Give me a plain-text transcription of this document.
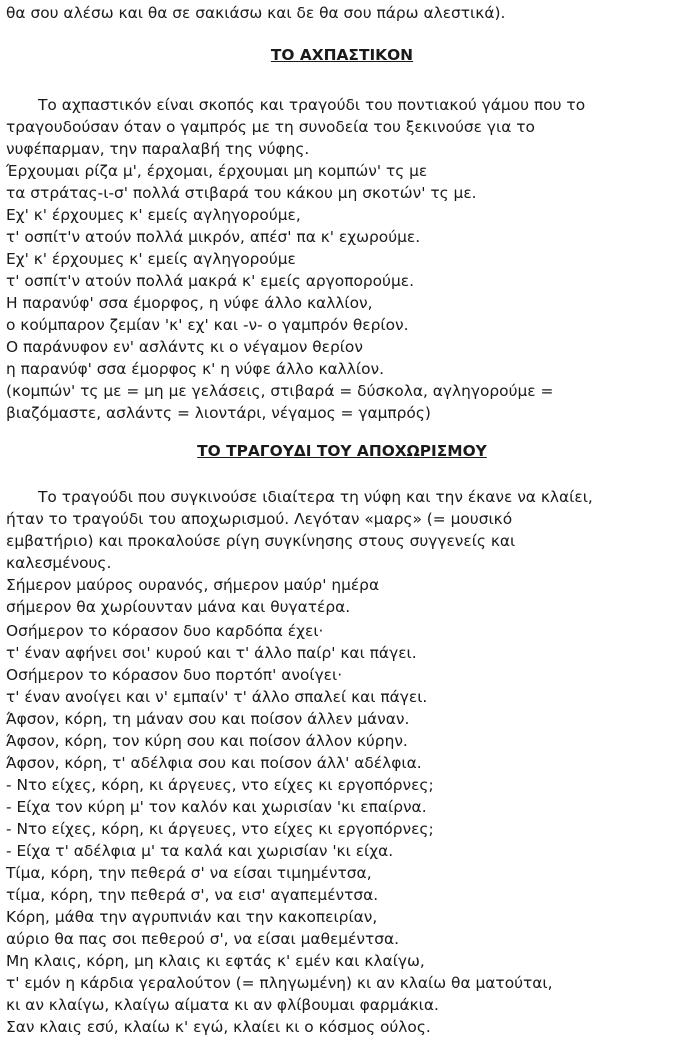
θα σου αλέσω και θα σε σακιάσω και δε θα σου πάρω αλεστικά).
ΤΟ ΑΧΠΑΣΤΙΚΟΝ
Το αχπαστικόν είναι σκοπός και τραγούδι του ποντιακού γάμου που το
τραγουδούσαν όταν ο γαμπρός με τη συνοδεία του ξεκινούσε για το
νυφέπαρμαν, την παραλαβή της νύφης.
Έρχουμαι ρίζα μ', έρχομαι, έρχουμαι μη κομπών' τς με
τα στράτας-ι-σ' πολλά στιβαρά του κάκου μη σκοτών' τς με.
Εχ' κ' έρχουμες κ' εμείς αγληγορούμε,
τ' οσπίτ'ν ατούν πολλά μικρόν, απέσ' πα κ' εχωρούμε.
Εχ' κ' έρχουμες κ' εμείς αγληγορούμε
τ' οσπίτ'ν ατούν πολλά μακρά κ' εμείς αργοπορούμε.
Η παρανύφ' σσα έμορφος, η νύφε άλλο καλλίον,
ο κούμπαρον ζεμίαν 'κ' εχ' και -ν- ο γαμπρόν θερίον.
Ο παράνυφον εν' ασλάντς κι ο νέγαμον θερίον
η παρανύφ' σσα έμορφος κ' η νύφε άλλο καλλίον.
(κομπών' τς με = μη με γελάσεις, στιβαρά = δύσκολα, αγληγορούμε =
βιαζόμαστε, ασλάντς = λιοντάρι, νέγαμος = γαμπρός)
ΤΟ ΤΡΑΓΟΥΔΙ ΤΟΥ ΑΠΟΧΩΡΙΣΜΟΥ
Το τραγούδι που συγκινούσε ιδιαίτερα τη νύφη και την έκανε να κλαίει,
ήταν το τραγούδι του αποχωρισμού. Λεγόταν «μαρς» (= μουσικό
εμβατήριο) και προκαλούσε ρίγη συγκίνησης στους συγγενείς και
καλεσμένους.
Σήμερον μαύρος ουρανός, σήμερον μαύρ' ημέρα
σήμερον θα χωρίουνταν μάνα και θυγατέρα.
Οσήμερον το κόρασον δυο καρδόπα έχει·
τ' έναν αφήνει σοι' κυρού και τ' άλλο παίρ' και πάγει.
Οσήμερον το κόρασον δυο πορτόπ' ανοίγει·
τ' έναν ανοίγει και ν' εμπαίν' τ' άλλο σπαλεί και πάγει.
Άφσον, κόρη, τη μάναν σου και ποίσον άλλεν μάναν.
Άφσον, κόρη, τον κύρη σου και ποίσον άλλον κύρην.
Άφσον, κόρη, τ' αδέλφια σου και ποίσον άλλ' αδέλφια.
- Ντο είχες, κόρη, κι άργευες, ντο είχες κι εργοπόρνες;
- Είχα τον κύρη μ' τον καλόν και χωρισίαν 'κι επαίρνα.
- Ντο είχες, κόρη, κι άργευες, ντο είχες κι εργοπόρνες;
- Είχα τ' αδέλφια μ' τα καλά και χωρισίαν 'κι είχα.
Τίμα, κόρη, την πεθερά σ' να είσαι τιμημέντσα,
τίμα, κόρη, την πεθερά σ', να εισ' αγαπεμέντσα.
Κόρη, μάθα την αγρυπνιάν και την κακοπειρίαν,
αύριο θα πας σοι πεθερού σ', να είσαι μαθεμέντσα.
Μη κλαις, κόρη, μη κλαις κι εφτάς κ' εμέν και κλαίγω,
τ' εμόν η κάρδια γεραλούτον (= πληγωμένη) κι αν κλαίω θα ματούται,
κι αν κλαίγω, κλαίγω αίματα κι αν φλίβουμαι φαρμάκια.
Σαν κλαις εσύ, κλαίω κ' εγώ, κλαίει κι ο κόσμος ούλος.
